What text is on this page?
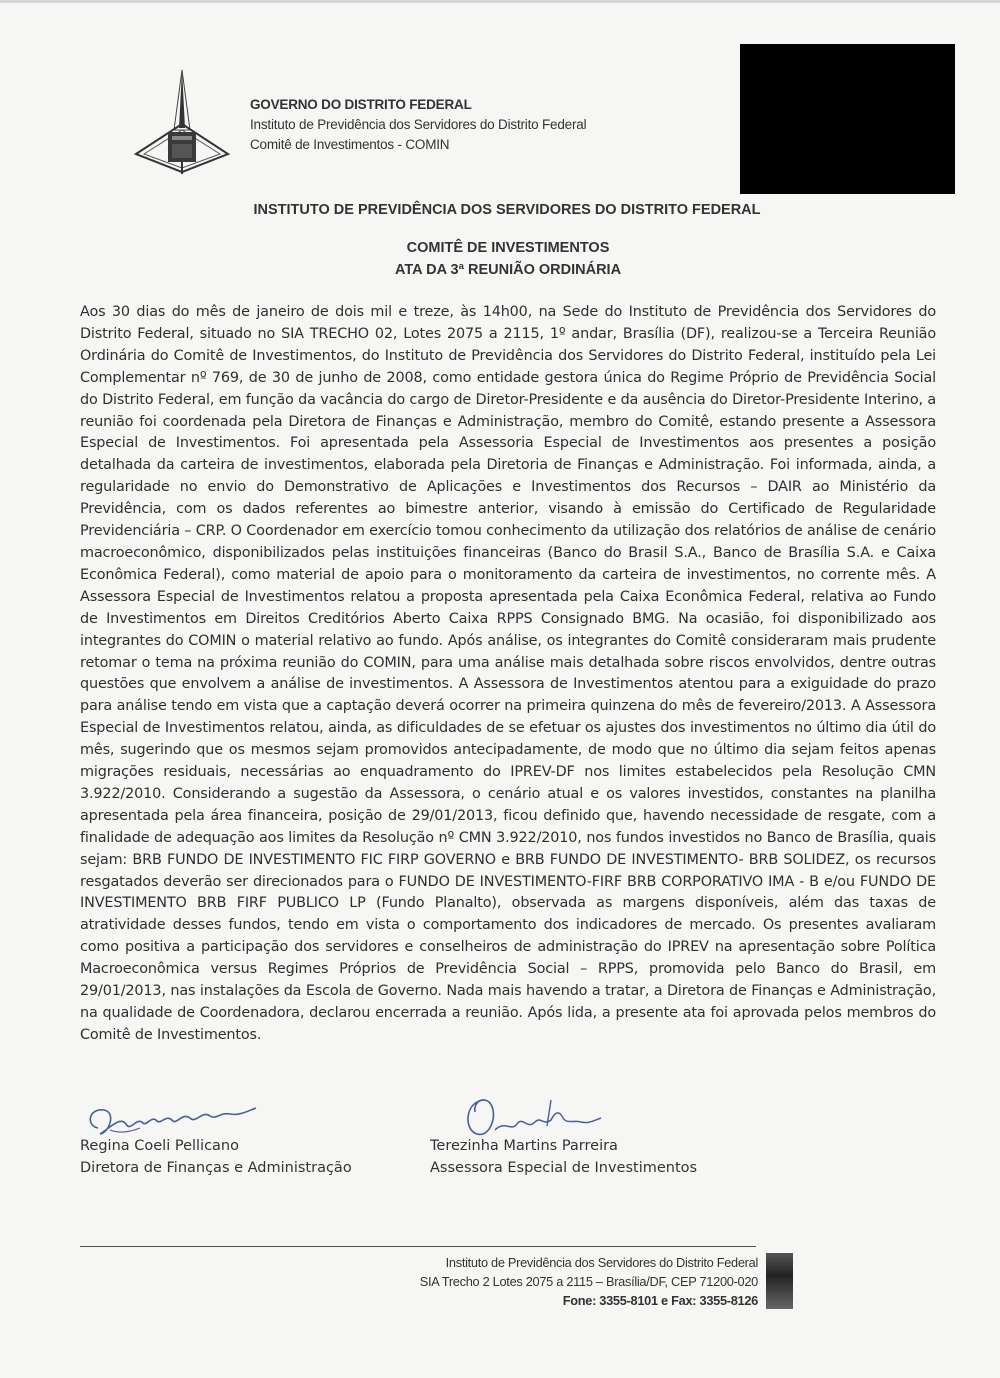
GOVERNO DO DISTRITO FEDERAL
Instituto de Previdência dos Servidores do Distrito Federal
Comitê de Investimentos - COMIN
INSTITUTO DE PREVIDÊNCIA DOS SERVIDORES DO DISTRITO FEDERAL
COMITÊ DE INVESTIMENTOS
ATA DA 3ª REUNIÃO ORDINÁRIA
Aos 30 dias do mês de janeiro de dois mil e treze, às 14h00, na Sede do Instituto de Previdência dos Servidores do Distrito Federal, situado no SIA TRECHO 02, Lotes 2075 a 2115, 1º andar, Brasília (DF), realizou-se a Terceira Reunião Ordinária do Comitê de Investimentos, do Instituto de Previdência dos Servidores do Distrito Federal, instituído pela Lei Complementar nº 769, de 30 de junho de 2008, como entidade gestora única do Regime Próprio de Previdência Social do Distrito Federal, em função da vacância do cargo de Diretor-Presidente e da ausência do Diretor-Presidente Interino, a reunião foi coordenada pela Diretora de Finanças e Administração, membro do Comitê, estando presente a Assessora Especial de Investimentos. Foi apresentada pela Assessoria Especial de Investimentos aos presentes a posição detalhada da carteira de investimentos, elaborada pela Diretoria de Finanças e Administração. Foi informada, ainda, a regularidade no envio do Demonstrativo de Aplicações e Investimentos dos Recursos – DAIR ao Ministério da Previdência, com os dados referentes ao bimestre anterior, visando à emissão do Certificado de Regularidade Previdenciária – CRP. O Coordenador em exercício tomou conhecimento da utilização dos relatórios de análise de cenário macroeconômico, disponibilizados pelas instituições financeiras (Banco do Brasil S.A., Banco de Brasília S.A. e Caixa Econômica Federal), como material de apoio para o monitoramento da carteira de investimentos, no corrente mês. A Assessora Especial de Investimentos relatou a proposta apresentada pela Caixa Econômica Federal, relativa ao Fundo de Investimentos em Direitos Creditórios Aberto Caixa RPPS Consignado BMG. Na ocasião, foi disponibilizado aos integrantes do COMIN o material relativo ao fundo. Após análise, os integrantes do Comitê consideraram mais prudente retomar o tema na próxima reunião do COMIN, para uma análise mais detalhada sobre riscos envolvidos, dentre outras questões que envolvem a análise de investimentos. A Assessora de Investimentos atentou para a exiguidade do prazo para análise tendo em vista que a captação deverá ocorrer na primeira quinzena do mês de fevereiro/2013. A Assessora Especial de Investimentos relatou, ainda, as dificuldades de se efetuar os ajustes dos investimentos no último dia útil do mês, sugerindo que os mesmos sejam promovidos antecipadamente, de modo que no último dia sejam feitos apenas migrações residuais, necessárias ao enquadramento do IPREV-DF nos limites estabelecidos pela Resolução CMN 3.922/2010. Considerando a sugestão da Assessora, o cenário atual e os valores investidos, constantes na planilha apresentada pela área financeira, posição de 29/01/2013, ficou definido que, havendo necessidade de resgate, com a finalidade de adequação aos limites da Resolução nº CMN 3.922/2010, nos fundos investidos no Banco de Brasília, quais sejam: BRB FUNDO DE INVESTIMENTO FIC FIRP GOVERNO e BRB FUNDO DE INVESTIMENTO- BRB SOLIDEZ, os recursos resgatados deverão ser direcionados para o FUNDO DE INVESTIMENTO-FIRF BRB CORPORATIVO IMA - B e/ou FUNDO DE INVESTIMENTO BRB FIRF PUBLICO LP (Fundo Planalto), observada as margens disponíveis, além das taxas de atratividade desses fundos, tendo em vista o comportamento dos indicadores de mercado. Os presentes avaliaram como positiva a participação dos servidores e conselheiros de administração do IPREV na apresentação sobre Política Macroeconômica versus Regimes Próprios de Previdência Social – RPPS, promovida pelo Banco do Brasil, em 29/01/2013, nas instalações da Escola de Governo. Nada mais havendo a tratar, a Diretora de Finanças e Administração, na qualidade de Coordenadora, declarou encerrada a reunião. Após lida, a presente ata foi aprovada pelos membros do Comitê de Investimentos.
Regina Coeli Pellicano
Diretora de Finanças e Administração
Terezinha Martins Parreira
Assessora Especial de Investimentos
Instituto de Previdência dos Servidores do Distrito Federal
SIA Trecho 2 Lotes 2075 a 2115 – Brasília/DF, CEP 71200-020
Fone: 3355-8101 e Fax: 3355-8126
